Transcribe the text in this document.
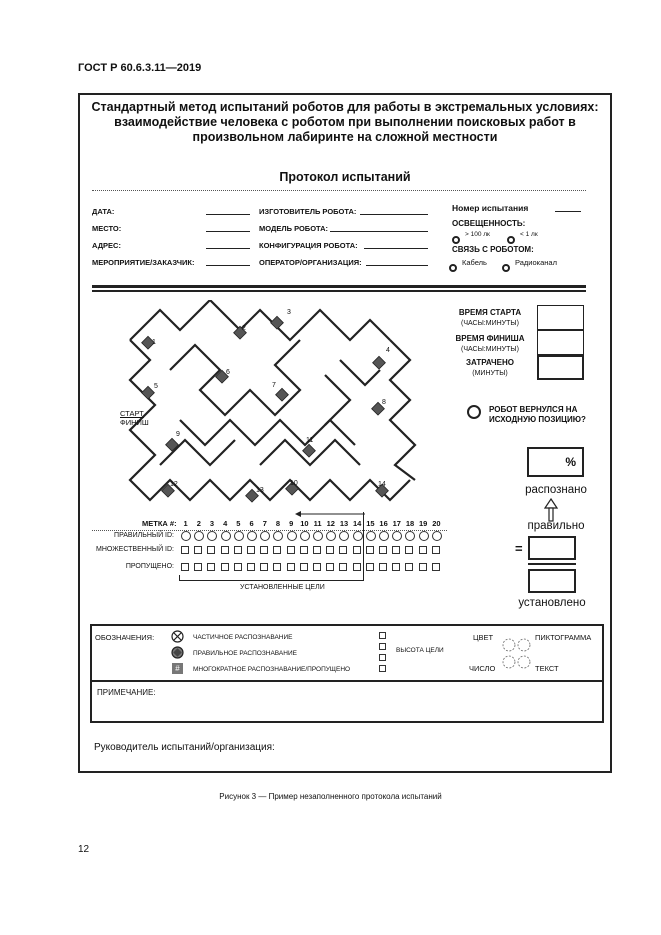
ГОСТ Р 60.6.3.11—2019
Стандартный метод испытаний роботов для работы в экстремальных условиях: взаимодействие человека с роботом при выполнении поисковых работ в произвольном лабиринте на сложной местности
Протокол испытаний
ДАТА:
МЕСТО:
АДРЕС:
МЕРОПРИЯТИЕ/ЗАКАЗЧИК:
ИЗГОТОВИТЕЛЬ РОБОТА:
МОДЕЛЬ РОБОТА:
КОНФИГУРАЦИЯ РОБОТА:
ОПЕРАТОР/ОРГАНИЗАЦИЯ:
Номер испытания
ОСВЕЩЕННОСТЬ:
> 100 лк	< 1 лк
СВЯЗЬ С РОБОТОМ:
Кабель	Радиоканал
1
2
3
4
5
6
7
8
9
10
11
12
13
14
СТАРТ
ФИНИШ
ВРЕМЯ СТАРТА
(ЧАСЫ:МИНУТЫ)
ВРЕМЯ ФИНИША
(ЧАСЫ:МИНУТЫ)
ЗАТРАЧЕНО
(МИНУТЫ)
РОБОТ ВЕРНУЛСЯ НА ИСХОДНУЮ ПОЗИЦИЮ?
%
распознано
правильно
=
установлено
МЕТКА #: 1	2	3	4	5	6	7	8	9 10 11 12 13 14 15 16 17 18 19 20
ПРАВИЛЬНЫЙ ID:
МНОЖЕСТВЕННЫЙ ID:
ПРОПУЩЕНО:
УСТАНОВЛЕННЫЕ ЦЕЛИ
ОБОЗНАЧЕНИЯ:	ЧАСТИЧНОЕ РАСПОЗНАВАНИЕ
ПРАВИЛЬНОЕ РАСПОЗНАВАНИЕ
#	МНОГОКРАТНОЕ РАСПОЗНАВАНИЕ/ПРОПУЩЕНО
ВЫСОТА ЦЕЛИ
ЦВЕТ	ПИКТОГРАММА
ЧИСЛО	ТЕКСТ
ПРИМЕЧАНИЕ:
Руководитель испытаний/организация:
Рисунок 3 — Пример незаполненного протокола испытаний
12
